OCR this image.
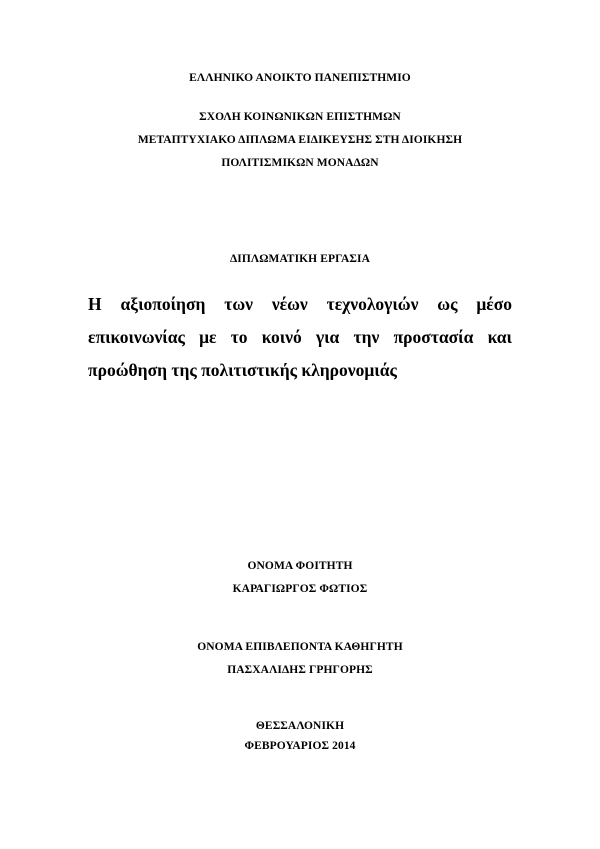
ΕΛΛΗΝΙΚΟ ΑΝΟΙΚΤΟ ΠΑΝΕΠΙΣΤΗΜΙΟ
ΣΧΟΛΗ ΚΟΙΝΩΝΙΚΩΝ ΕΠΙΣΤΗΜΩΝ
ΜΕΤΑΠΤΥΧΙΑΚΟ ΔΙΠΛΩΜΑ ΕΙΔΙΚΕΥΣΗΣ ΣΤΗ ΔΙΟΙΚΗΣΗ
ΠΟΛΙΤΙΣΜΙΚΩΝ ΜΟΝΑΔΩΝ
ΔΙΠΛΩΜΑΤΙΚΗ ΕΡΓΑΣΙΑ
Η αξιοποίηση των νέων τεχνολογιών ως μέσο
επικοινωνίας με το κοινό για την προστασία και
προώθηση της πολιτιστικής κληρονομιάς
ΟΝΟΜΑ ΦΟΙΤΗΤΗ
ΚΑΡΑΓΙΩΡΓΟΣ ΦΩΤΙΟΣ
ΟΝΟΜΑ ΕΠΙΒΛΕΠΟΝΤΑ ΚΑΘΗΓΗΤΗ
ΠΑΣΧΑΛΙΔΗΣ ΓΡΗΓΟΡΗΣ
ΘΕΣΣΑΛΟΝΙΚΗ
ΦΕΒΡΟΥΑΡΙΟΣ 2014
